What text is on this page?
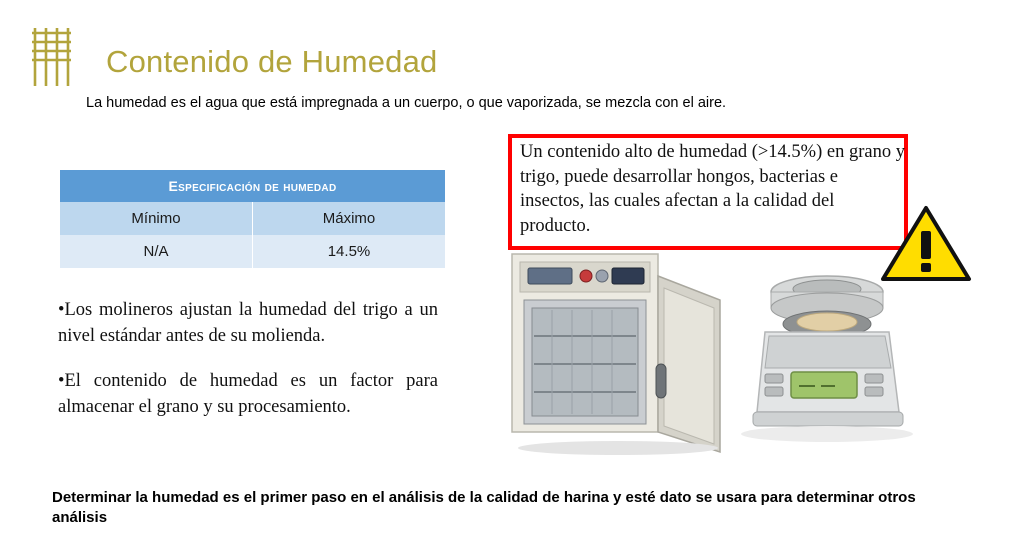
Contenido de Humedad
La humedad es el agua que está impregnada a un cuerpo, o que vaporizada, se mezcla con el aire.
Especificación de humedad	
Mínimo	Máximo
N/A	14.5%

•Los molineros ajustan la humedad del trigo a un nivel estándar antes de su molienda.

•El contenido de humedad es un factor para almacenar el grano y su procesamiento.

Un contenido alto de humedad (>14.5%) en grano y trigo, puede desarrollar hongos, bacterias e insectos, las cuales afectan a la calidad del producto.
Determinar la humedad es el primer paso en el análisis de la calidad de harina y esté dato se usara para determinar otros análisis
